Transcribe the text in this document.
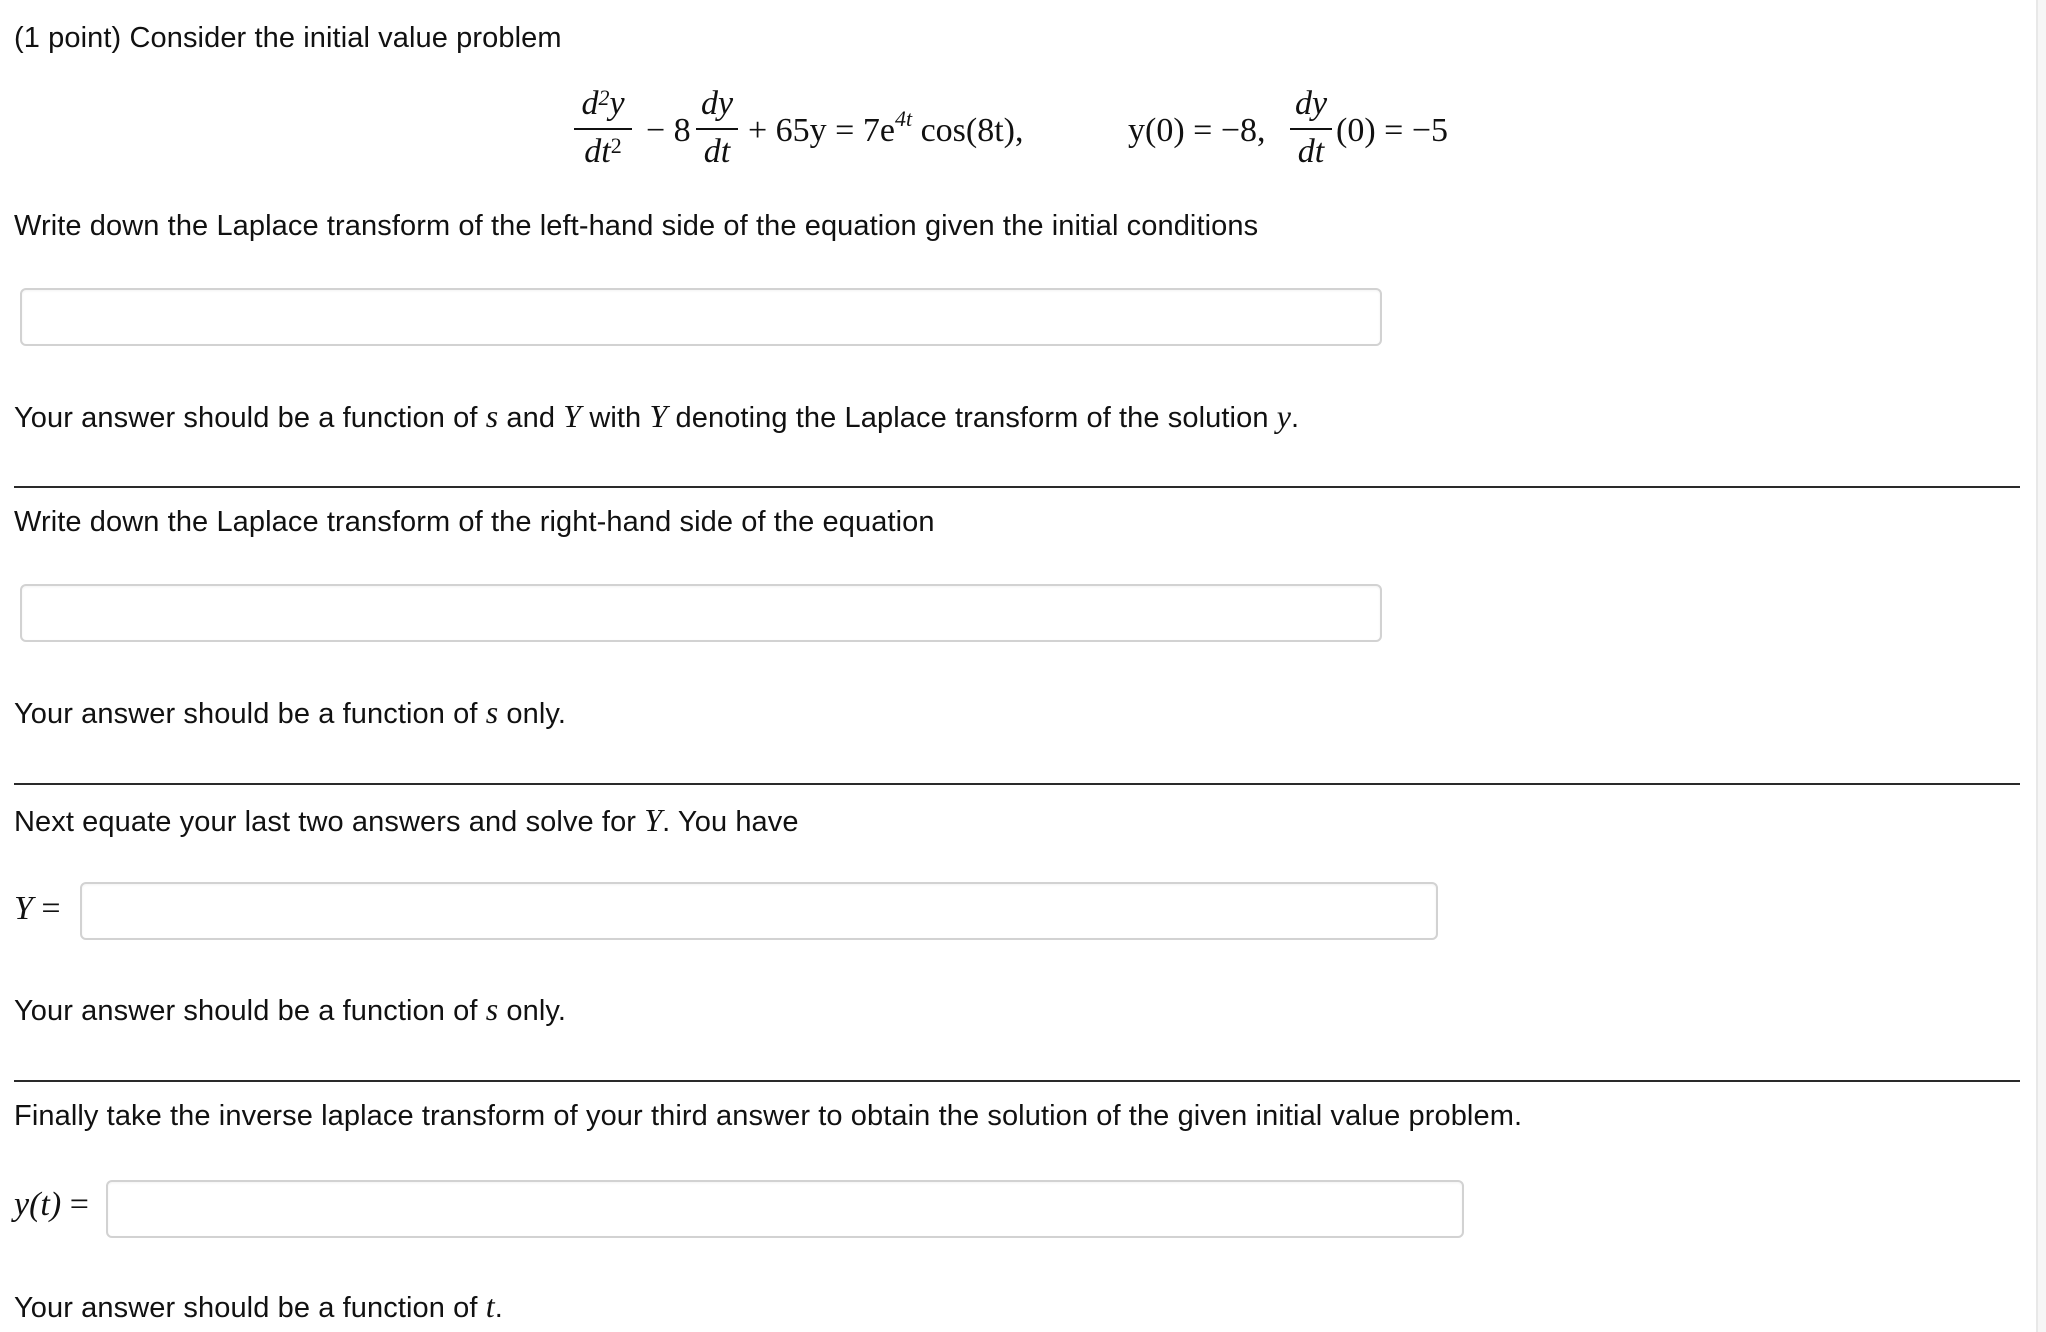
(1 point) Consider the initial value problem
$d^2y$
$dt^2 - 8$
dy
dt
+ $65y = 7e^{4t}$ cos(8t),	y(0) = −8,
dy
dt
(0) = −5
Write down the Laplace transform of the left-hand side of the equation given the initial conditions
Your answer should be a function of s and Y with Y denoting the Laplace transform of the solution y.
Write down the Laplace transform of the right-hand side of the equation
Your answer should be a function of s only.
Next equate your last two answers and solve for Y. You have
Y =
Your answer should be a function of s only.
Finally take the inverse laplace transform of your third answer to obtain the solution of the given initial value problem.
y(t) =
Your answer should be a function of t.
